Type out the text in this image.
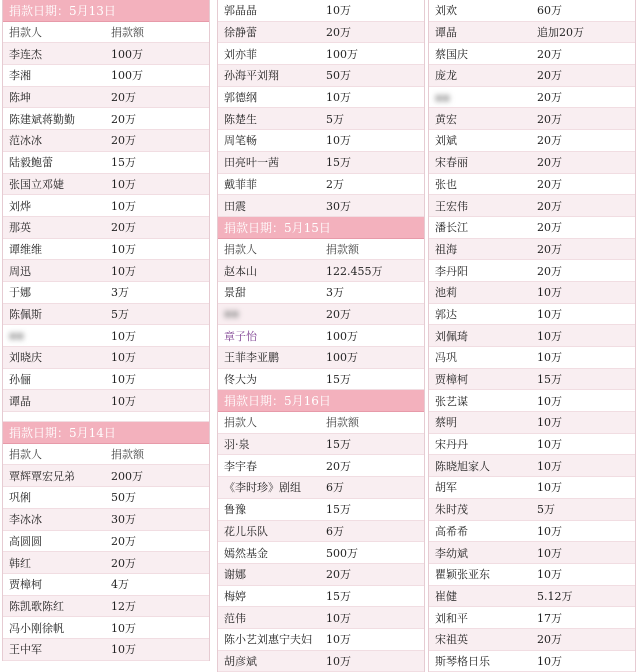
捐款日期：5月13日
捐款人	捐款额
李连杰	100万
李湘	100万
陈坤	20万
陈建斌蒋勤勤	20万
范冰冰	20万
陆毅鲍蕾	15万
张国立邓婕	10万
刘烨	10万
那英	20万
谭维维	10万
周迅	10万
于娜	3万
陈佩斯	5万
▪▪	10万
刘晓庆	10万
孙俪	10万
谭晶	10万
捐款日期：5月14日
捐款人	捐款额
覃辉覃宏兄弟	200万
巩俐	50万
李冰冰	30万
高圆圆	20万
韩红	20万
贾樟柯	4万
陈凯歌陈红	12万
冯小刚徐帆	10万
王中军	10万
郭晶晶	10万
徐静蕾	20万
刘亦菲	100万
孙海平刘翔	50万
郭德纲	10万
陈楚生	5万
周笔畅	10万
田亮叶一茜	15万
戴菲菲	2万
田震	30万
捐款日期：5月15日
捐款人	捐款额
赵本山	122.455万
景甜	3万
▪▪	20万
章子怡	100万
王菲李亚鹏	100万
佟大为	15万
捐款日期：5月16日
捐款人	捐款额
羽·泉	15万
李宇春	20万
《李时珍》剧组	6万
鲁豫	15万
花儿乐队	6万
嫣然基金	500万
谢娜	20万
梅婷	15万
范伟	10万
陈小艺刘惠宁夫妇	10万
胡彦斌	10万
刘欢	60万
谭晶	追加20万
蔡国庆	20万
庞龙	20万
▪▪	20万
黄宏	20万
刘斌	20万
宋春丽	20万
张也	20万
王宏伟	20万
潘长江	20万
祖海	20万
李丹阳	20万
池莉	10万
郭达	10万
刘佩琦	10万
冯巩	10万
贾樟柯	15万
张艺谋	10万
蔡明	10万
宋丹丹	10万
陈晓旭家人	10万
胡军	10万
朱时茂	5万
高希希	10万
李幼斌	10万
瞿颖张亚东	10万
崔健	5.12万
刘和平	17万
宋祖英	20万
斯琴格日乐	10万
